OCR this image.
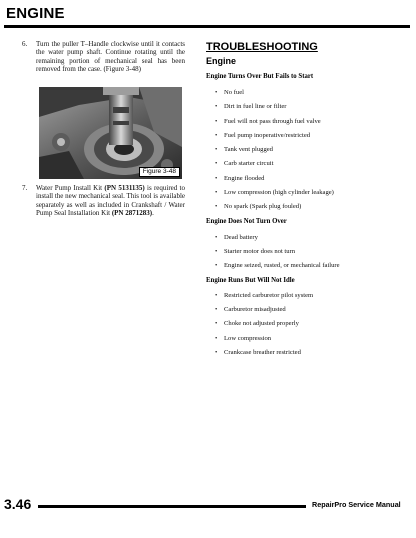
ENGINE
6. Turn the puller T–Handle clockwise until it contacts the water pump shaft. Continue rotating until the remaining portion of mechanical seal has been removed from the case. (Figure 3-48)
Figure 3-48
7. Water Pump Install Kit (PN 5131135) is required to install the new mechanical seal. This tool is available separately as well as included in Crankshaft / Water Pump Seal Installation Kit (PN 2871283).
TROUBLESHOOTING
Engine
Engine Turns Over But Fails to Start
• No fuel
• Dirt in fuel line or filter
• Fuel will not pass through fuel valve
• Fuel pump inoperative/restricted
• Tank vent plugged
• Carb starter circuit
• Engine flooded
• Low compression (high cylinder leakage)
• No spark (Spark plug fouled)
Engine Does Not Turn Over
• Dead battery
• Starter motor does not turn
• Engine seized, rusted, or mechanical failure
Engine Runs But Will Not Idle
• Restricted carburetor pilot system
• Carburetor misadjusted
• Choke not adjusted properly
• Low compression
• Crankcase breather restricted
3.46	RepairPro Service Manual
